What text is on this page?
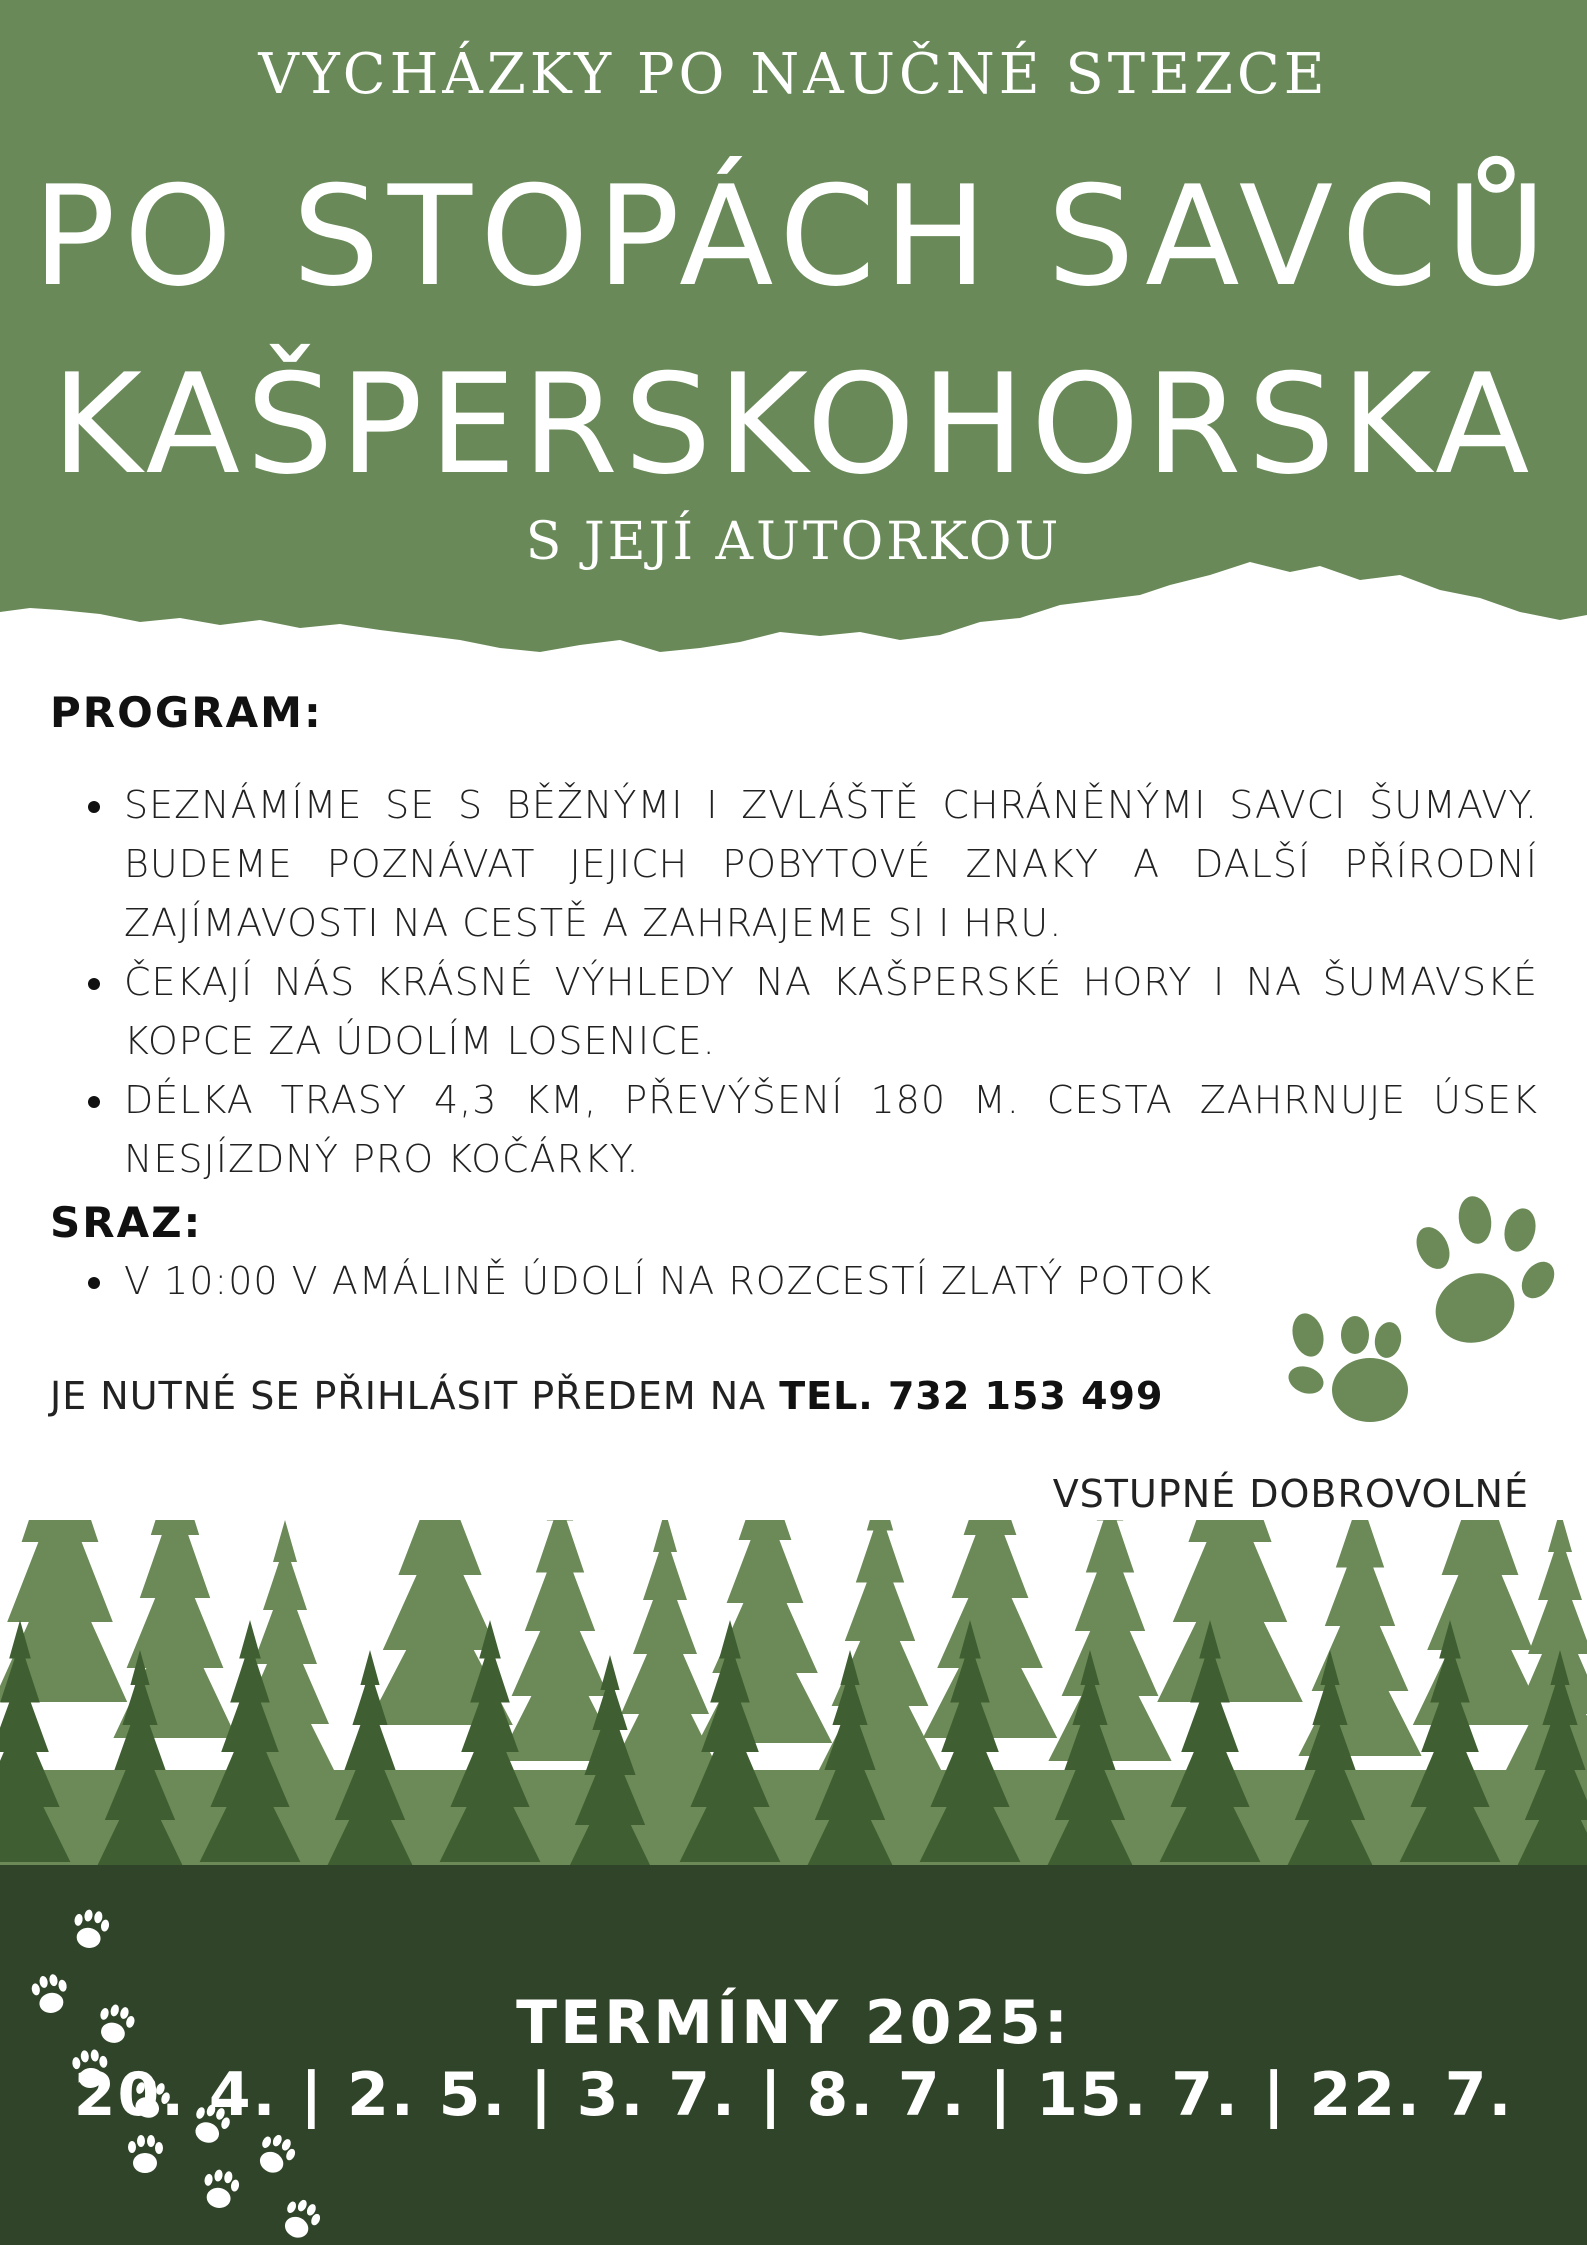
VYCHÁZKY PO NAUČNÉ STEZCE
PO STOPÁCH SAVCŮ
KAŠPERSKOHORSKA
S JEJÍ AUTORKOU
PROGRAM:
SEZNÁMÍME SE S BĚŽNÝMI I ZVLÁŠTĚ CHRÁNĚNÝMI SAVCI ŠUMAVY. BUDEME POZNÁVAT JEJICH POBYTOVÉ ZNAKY A DALŠÍ PŘÍRODNÍ ZAJÍMAVOSTI NA CESTĚ A ZAHRAJEME SI I HRU.
ČEKAJÍ NÁS KRÁSNÉ VÝHLEDY NA KAŠPERSKÉ HORY I NA ŠUMAVSKÉ KOPCE ZA ÚDOLÍM LOSENICE.
DÉLKA TRASY 4,3 KM, PŘEVÝŠENÍ 180 M. CESTA ZAHRNUJE ÚSEK NESJÍZDNÝ PRO KOČÁRKY.
SRAZ:
V 10:00 V AMÁLINĚ ÚDOLÍ NA ROZCESTÍ ZLATÝ POTOK
JE NUTNÉ SE PŘIHLÁSIT PŘEDEM NA TEL. 732 153 499
VSTUPNÉ DOBROVOLNÉ
TERMÍNY 2025:
20. 4. | 2. 5. | 3. 7. | 8. 7. | 15. 7. | 22. 7.
